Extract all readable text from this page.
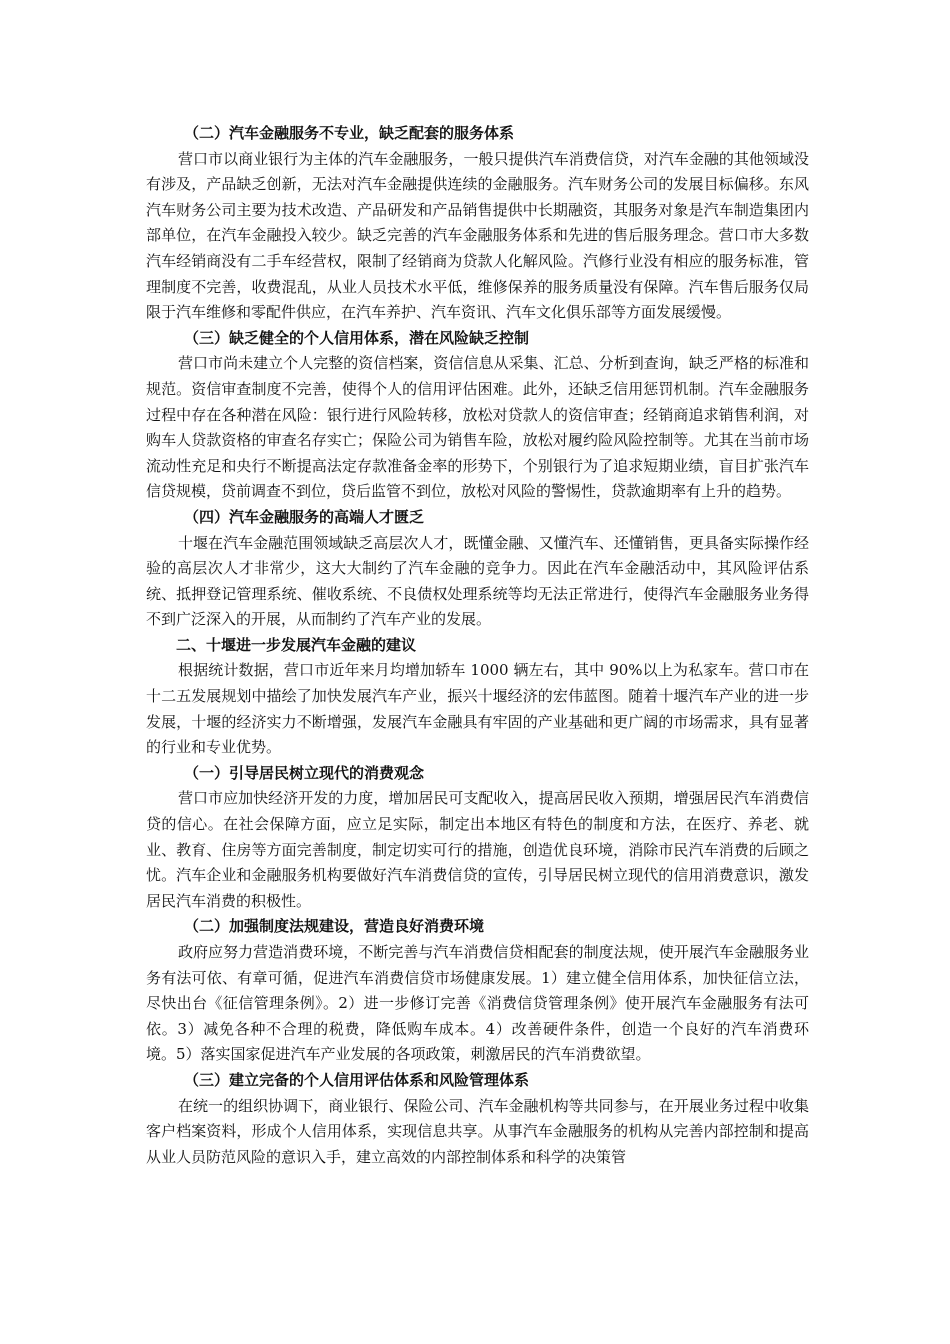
（二）汽车金融服务不专业，缺乏配套的服务体系
营口市以商业银行为主体的汽车金融服务，一般只提供汽车消费信贷，对汽车金融的其他领域没有涉及，产品缺乏创新，无法对汽车金融提供连续的金融服务。汽车财务公司的发展目标偏移。东风汽车财务公司主要为技术改造、产品研发和产品销售提供中长期融资，其服务对象是汽车制造集团内部单位，在汽车金融投入较少。缺乏完善的汽车金融服务体系和先进的售后服务理念。营口市大多数汽车经销商没有二手车经营权，限制了经销商为贷款人化解风险。汽修行业没有相应的服务标准，管理制度不完善，收费混乱，从业人员技术水平低，维修保养的服务质量没有保障。汽车售后服务仅局限于汽车维修和零配件供应，在汽车养护、汽车资讯、汽车文化俱乐部等方面发展缓慢。
（三）缺乏健全的个人信用体系，潜在风险缺乏控制
营口市尚未建立个人完整的资信档案，资信信息从采集、汇总、分析到查询，缺乏严格的标准和规范。资信审查制度不完善，使得个人的信用评估困难。此外，还缺乏信用惩罚机制。汽车金融服务过程中存在各种潜在风险：银行进行风险转移，放松对贷款人的资信审查；经销商追求销售利润，对购车人贷款资格的审查名存实亡；保险公司为销售车险，放松对履约险风险控制等。尤其在当前市场流动性充足和央行不断提高法定存款准备金率的形势下，个别银行为了追求短期业绩，盲目扩张汽车信贷规模，贷前调查不到位，贷后监管不到位，放松对风险的警惕性，贷款逾期率有上升的趋势。
（四）汽车金融服务的高端人才匮乏
十堰在汽车金融范围领域缺乏高层次人才，既懂金融、又懂汽车、还懂销售，更具备实际操作经验的高层次人才非常少，这大大制约了汽车金融的竞争力。因此在汽车金融活动中，其风险评估系统、抵押登记管理系统、催收系统、不良债权处理系统等均无法正常进行，使得汽车金融服务业务得不到广泛深入的开展，从而制约了汽车产业的发展。
二、十堰进一步发展汽车金融的建议
根据统计数据，营口市近年来月均增加轿车 1000 辆左右，其中 90%以上为私家车。营口市在十二五发展规划中描绘了加快发展汽车产业，振兴十堰经济的宏伟蓝图。随着十堰汽车产业的进一步发展，十堰的经济实力不断增强，发展汽车金融具有牢固的产业基础和更广阔的市场需求，具有显著的行业和专业优势。
（一）引导居民树立现代的消费观念
营口市应加快经济开发的力度，增加居民可支配收入，提高居民收入预期，增强居民汽车消费信贷的信心。在社会保障方面，应立足实际，制定出本地区有特色的制度和方法，在医疗、养老、就业、教育、住房等方面完善制度，制定切实可行的措施，创造优良环境，消除市民汽车消费的后顾之忧。汽车企业和金融服务机构要做好汽车消费信贷的宣传，引导居民树立现代的信用消费意识，激发居民汽车消费的积极性。
（二）加强制度法规建设，营造良好消费环境
政府应努力营造消费环境，不断完善与汽车消费信贷相配套的制度法规，使开展汽车金融服务业务有法可依、有章可循，促进汽车消费信贷市场健康发展。1）建立健全信用体系，加快征信立法，尽快出台《征信管理条例》。2）进一步修订完善《消费信贷管理条例》使开展汽车金融服务有法可依。3）减免各种不合理的税费，降低购车成本。4）改善硬件条件，创造一个良好的汽车消费环境。5）落实国家促进汽车产业发展的各项政策，刺激居民的汽车消费欲望。
（三）建立完备的个人信用评估体系和风险管理体系
在统一的组织协调下，商业银行、保险公司、汽车金融机构等共同参与，在开展业务过程中收集客户档案资料，形成个人信用体系，实现信息共享。从事汽车金融服务的机构从完善内部控制和提高从业人员防范风险的意识入手，建立高效的内部控制体系和科学的决策管
